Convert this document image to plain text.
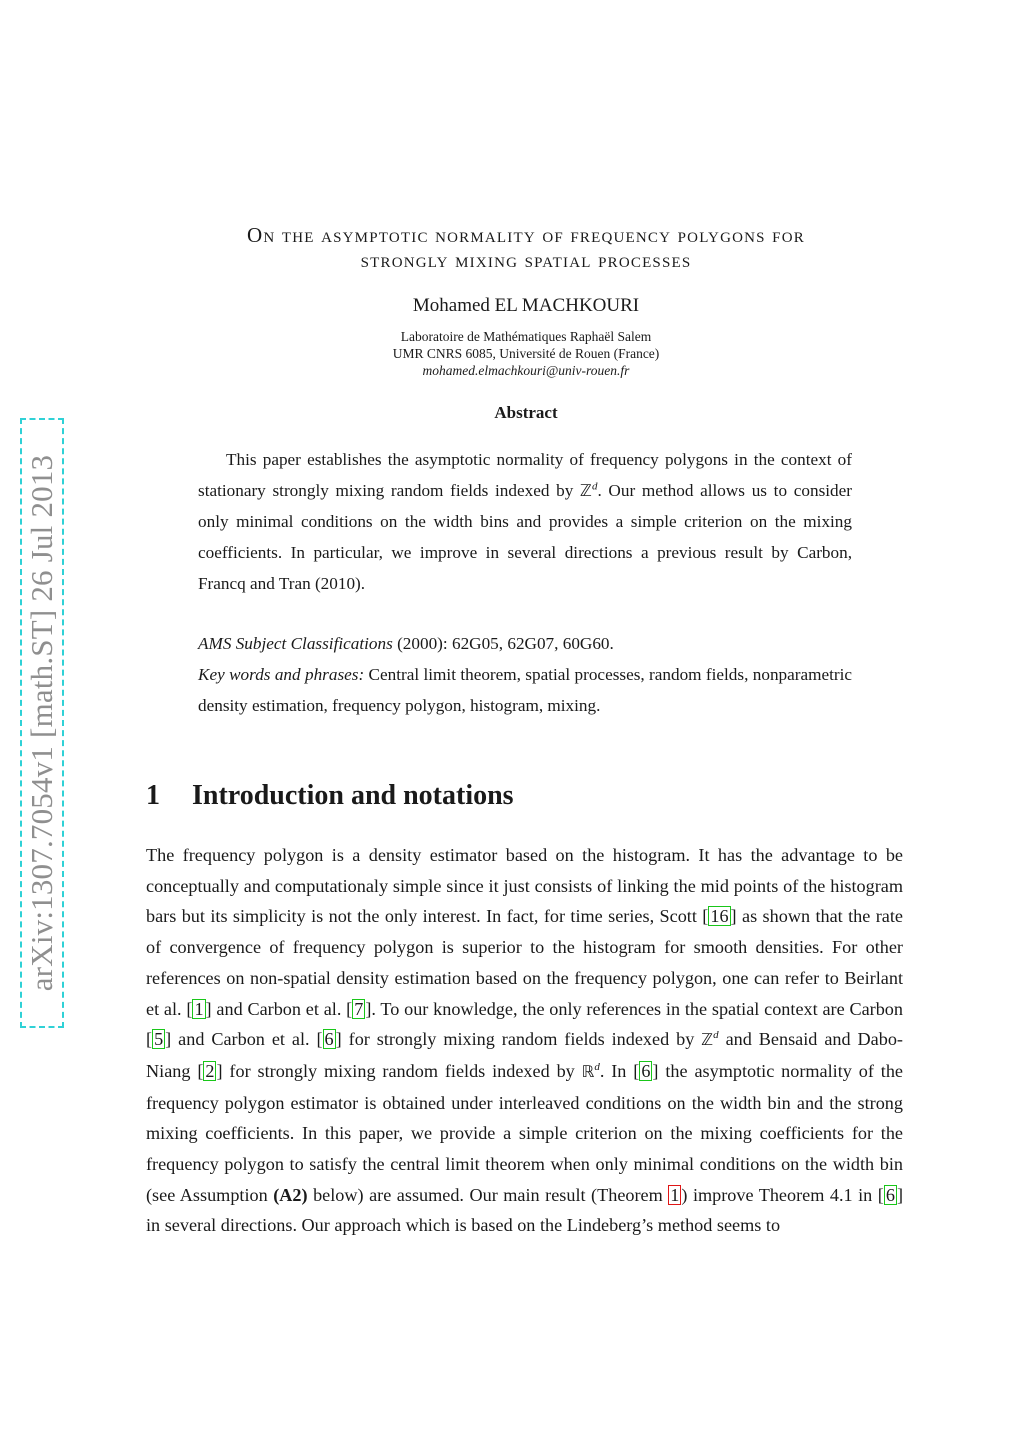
arXiv:1307.7054v1 [math.ST] 26 Jul 2013
On the asymptotic normality of frequency polygons for
strongly mixing spatial processes
Mohamed EL MACHKOURI
Laboratoire de Mathématiques Raphaël Salem
UMR CNRS 6085, Université de Rouen (France)
mohamed.elmachkouri@univ-rouen.fr
Abstract
This paper establishes the asymptotic normality of frequency polygons in the context of stationary strongly mixing random fields indexed by ℤ$^d$. Our method allows us to consider only minimal conditions on the width bins and provides a simple criterion on the mixing coefficients. In particular, we improve in several directions a previous result by Carbon, Francq and Tran (2010).

AMS Subject Classifications (2000): 62G05, 62G07, 60G60.

Key words and phrases: Central limit theorem, spatial processes, random fields, nonparametric density estimation, frequency polygon, histogram, mixing.

1 Introduction and notations

The frequency polygon is a density estimator based on the histogram. It has the advantage to be conceptually and computationaly simple since it just consists of linking the mid points of the histogram bars but its simplicity is not the only interest. In fact, for time series, Scott [ 16 ] as shown that the rate of convergence of frequency polygon is superior to the histogram for smooth densities. For other references on non-spatial density estimation based on the frequency polygon, one can refer to Beirlant et al. [ 1 ] and Carbon et al. [ 7 ]. To our knowledge, the only references in the spatial context are Carbon [ 5 ] and Carbon et al. [ 6 ] for strongly mixing random fields indexed by ℤ$^d$ and Bensaid and Dabo-Niang [ 2 ] for strongly mixing random fields indexed by ℝ$^d$. In [ 6 ] the asymptotic normality of the frequency polygon estimator is obtained under interleaved conditions on the width bin and the strong mixing coefficients. In this paper, we provide a simple criterion on the mixing coefficients for the frequency polygon to satisfy the central limit theorem when only minimal conditions on the width bin (see Assumption (A2) below) are assumed. Our main result (Theorem 1 ) improve Theorem 4.1 in [ 6 ] in several directions. Our approach which is based on the Lindeberg’s method seems to
